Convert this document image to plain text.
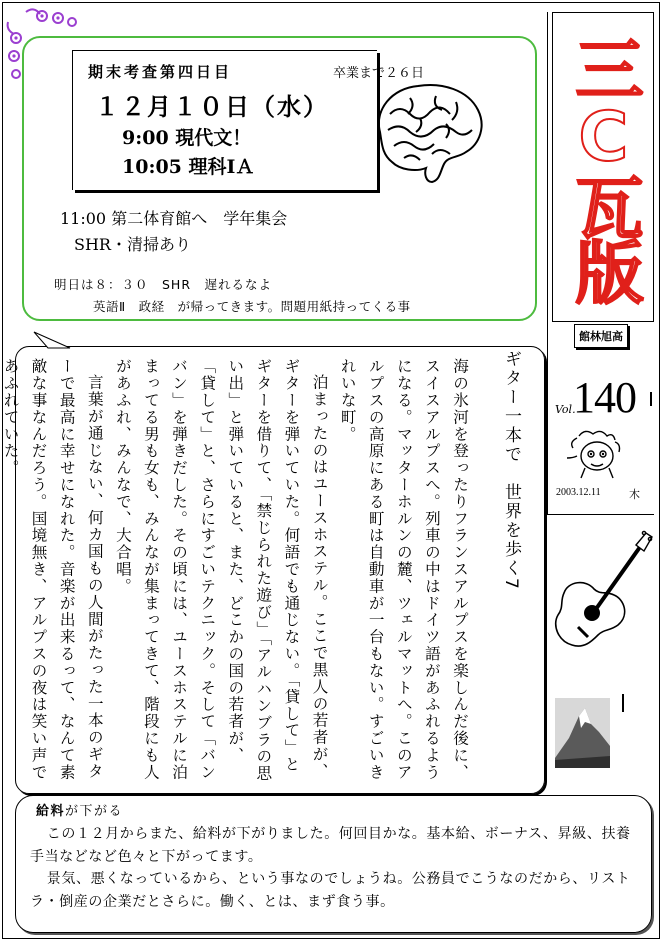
期末考査第四日目	卒業まで２６日
１２月１０日（水）
9:00 現代文！
10:05 理科ⅠＡ
11:00 第二体育館へ　学年集会
SHR・清掃あり
明日は８：３０　SHR　遅れるなよ
英語Ⅱ　政経　が帰ってきます。問題用紙持ってくる事
三C瓦版
館林旭高
140
Vol.
2003.12.11	木
ギター一本で　世界を歩く7

海の氷河を登ったりフランスアルプスを楽しんだ後に、スイスアルプスへ。列車の中はドイツ語があふれるようになる。マッターホルンの麓、ツェルマットへ。このアルプスの高原にある町は自動車が一台もない。すごいきれいな町。

泊まったのはユースホステル。ここで黒人の若者が、ギターを弾いていた。何語でも通じない。「貸して」とギターを借りて、「禁じられた遊び」「アルハンブラの思い出」と弾いていると、また、どこかの国の若者が、「貸して」と、さらにすごいテクニック。そして「バンバン」を弾きだした。その頃には、ユースホステルに泊まってる男も女も、みんなが集まってきて、階段にも人があふれ、みんなで、大合唱。

言葉が通じない、何カ国もの人間がたった一本のギターで最高に幸せになれた。音楽が出来るって、なんて素敵な事なんだろう。国境無き、アルプスの夜は笑い声であふれていた。

給料が下がる

この１２月からまた、給料が下がりました。何回目かな。基本給、ボーナス、昇級、扶養手当などなど色々と下がってます。

景気、悪くなっているから、という事なのでしょうね。公務員でこうなのだから、リストラ・倒産の企業だとさらに。働く、とは、まず食う事。
